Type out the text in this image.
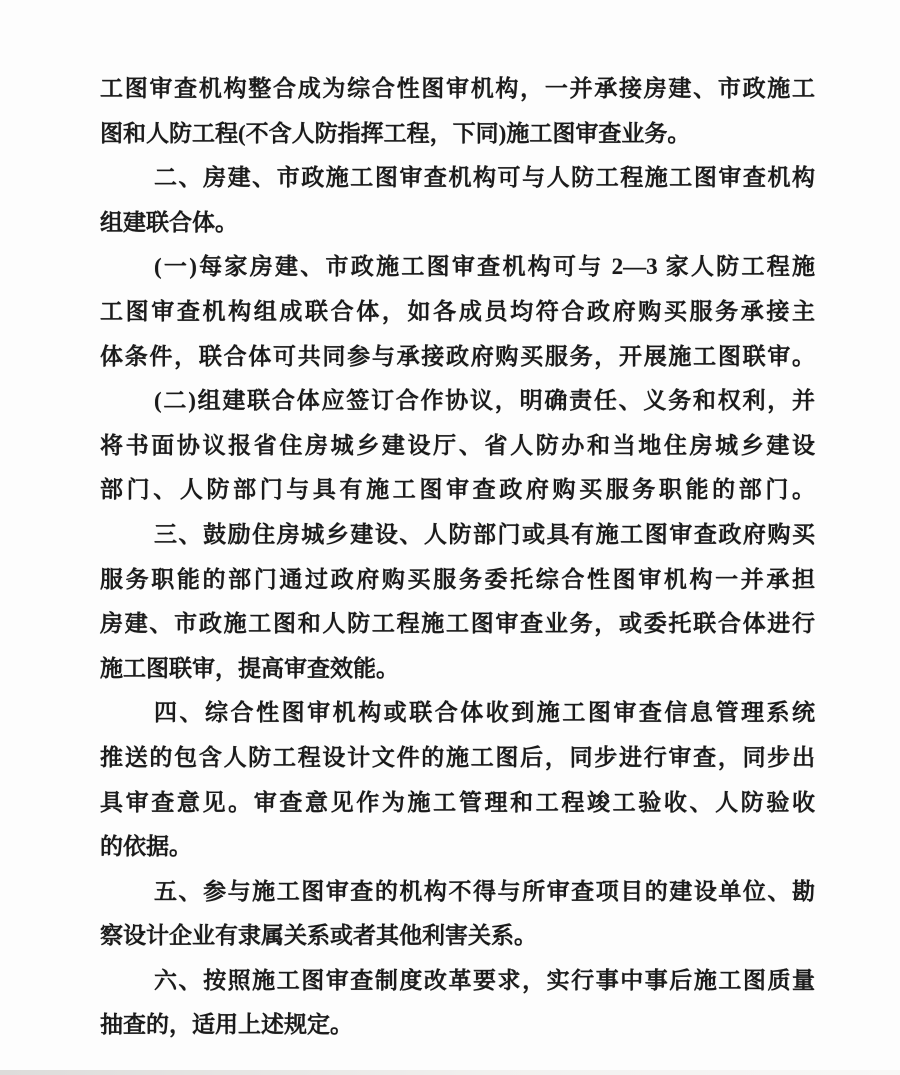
工图审查机构整合成为综合性图审机构，一并承接房建、市政施工
图和人防工程(不含人防指挥工程，下同)施工图审查业务。
二、房建、市政施工图审查机构可与人防工程施工图审查机构
组建联合体。
(一)每家房建、市政施工图审查机构可与 2—3 家人防工程施
工图审查机构组成联合体，如各成员均符合政府购买服务承接主
体条件，联合体可共同参与承接政府购买服务，开展施工图联审。
(二)组建联合体应签订合作协议，明确责任、义务和权利，并
将书面协议报省住房城乡建设厅、省人防办和当地住房城乡建设
部门、人防部门与具有施工图审查政府购买服务职能的部门。
三、鼓励住房城乡建设、人防部门或具有施工图审查政府购买
服务职能的部门通过政府购买服务委托综合性图审机构一并承担
房建、市政施工图和人防工程施工图审查业务，或委托联合体进行
施工图联审，提高审查效能。
四、综合性图审机构或联合体收到施工图审查信息管理系统
推送的包含人防工程设计文件的施工图后，同步进行审查，同步出
具审查意见。审查意见作为施工管理和工程竣工验收、人防验收
的依据。
五、参与施工图审查的机构不得与所审查项目的建设单位、勘
察设计企业有隶属关系或者其他利害关系。
六、按照施工图审查制度改革要求，实行事中事后施工图质量
抽查的，适用上述规定。
